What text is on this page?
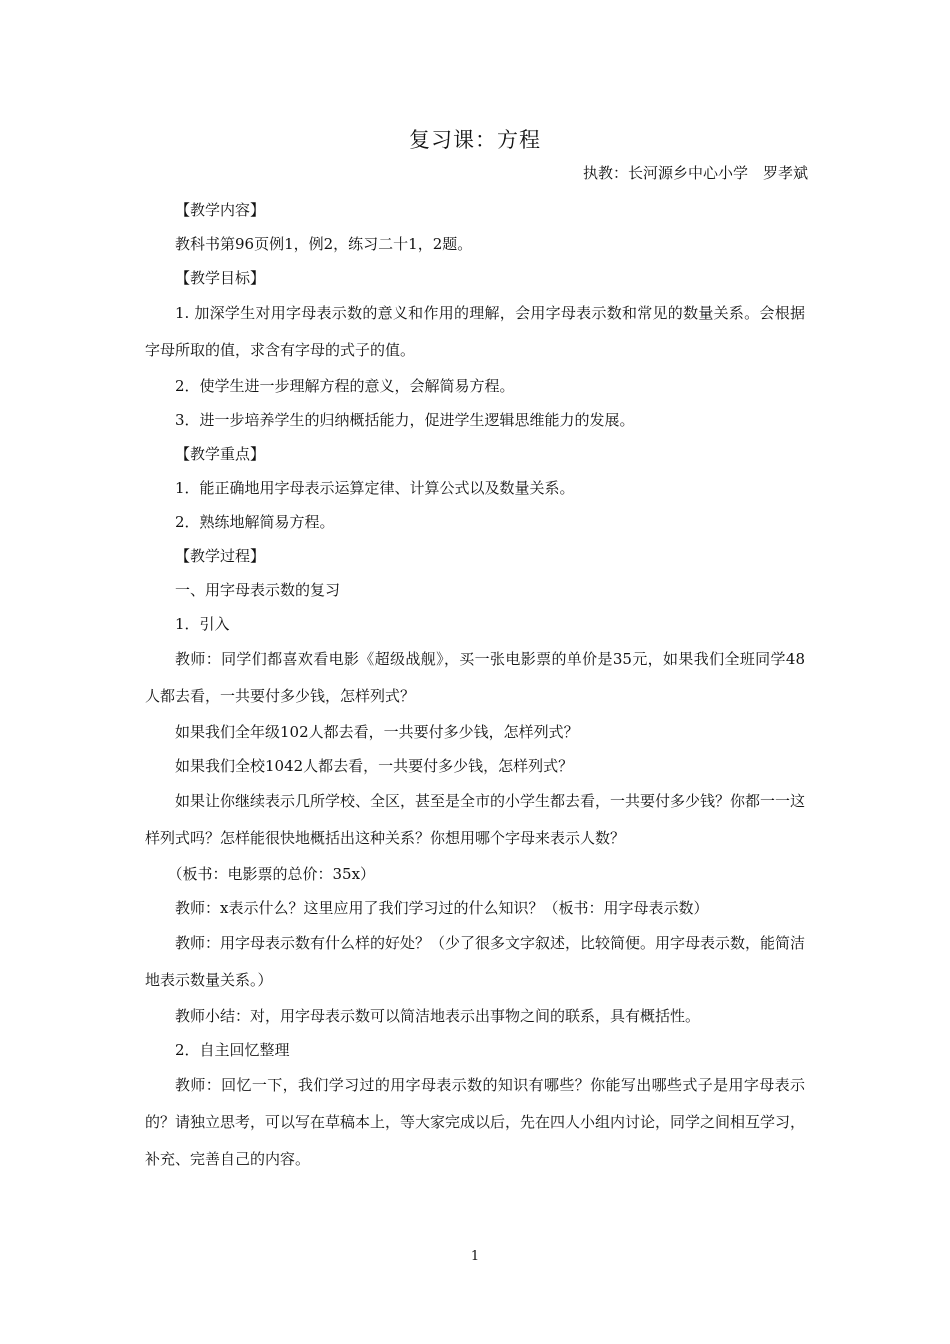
复习课：方程
执教：长河源乡中心小学　罗孝斌

【教学内容】

教科书第96页例1，例2，练习二十1，2题。

【教学目标】

1. 加深学生对用字母表示数的意义和作用的理解，会用字母表示数和常见的数量关系。会根据字母所取的值，求含有字母的式子的值。

2．使学生进一步理解方程的意义，会解简易方程。

3．进一步培养学生的归纳概括能力，促进学生逻辑思维能力的发展。

【教学重点】

1．能正确地用字母表示运算定律、计算公式以及数量关系。

2．熟练地解简易方程。

【教学过程】

一、用字母表示数的复习

1．引入

教师：同学们都喜欢看电影《超级战舰》，买一张电影票的单价是35元，如果我们全班同学48人都去看，一共要付多少钱，怎样列式？

如果我们全年级102人都去看，一共要付多少钱，怎样列式？

如果我们全校1042人都去看，一共要付多少钱，怎样列式？

如果让你继续表示几所学校、全区，甚至是全市的小学生都去看，一共要付多少钱？你都一一这样列式吗？怎样能很快地概括出这种关系？你想用哪个字母来表示人数？

（板书：电影票的总价：35x）

教师：x表示什么？这里应用了我们学习过的什么知识？（板书：用字母表示数）

教师：用字母表示数有什么样的好处？（少了很多文字叙述，比较简便。用字母表示数，能简洁地表示数量关系。）

教师小结：对，用字母表示数可以简洁地表示出事物之间的联系，具有概括性。

2．自主回忆整理

教师：回忆一下，我们学习过的用字母表示数的知识有哪些？你能写出哪些式子是用字母表示的？请独立思考，可以写在草稿本上，等大家完成以后，先在四人小组内讨论，同学之间相互学习，补充、完善自己的内容。

1
